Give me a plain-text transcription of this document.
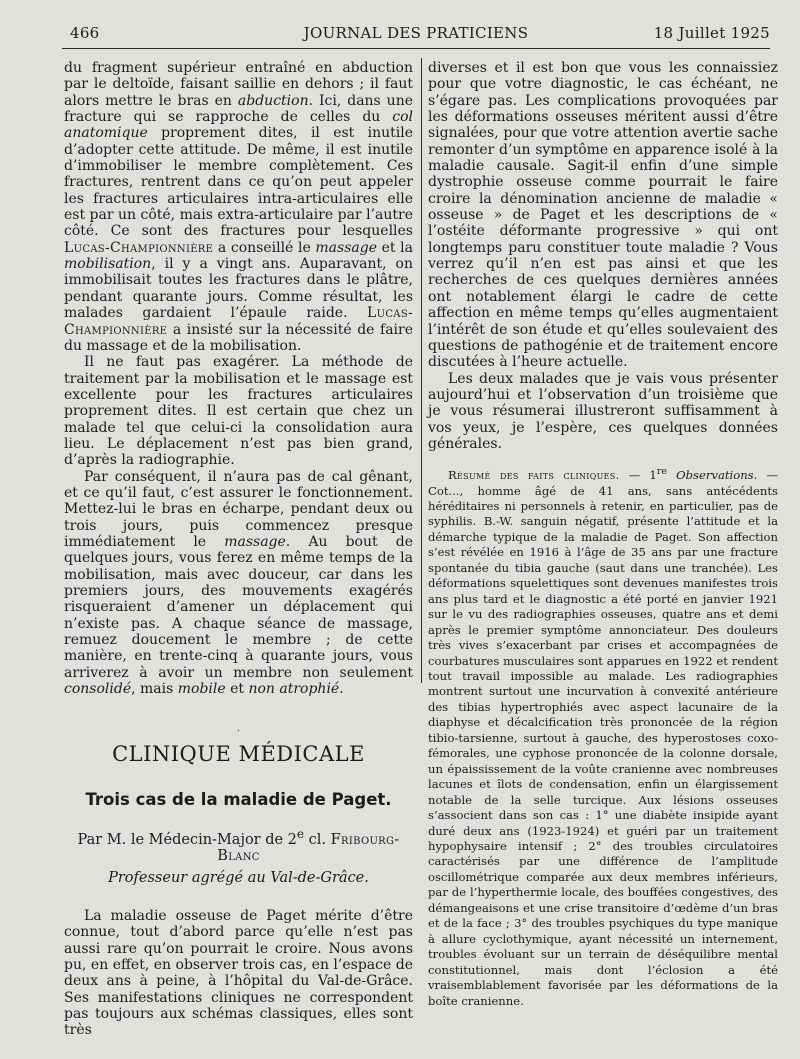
466	JOURNAL DES PRATICIENS	18 Juillet 1925

du fragment supérieur entraîné en abduction par le deltoïde, faisant saillie en dehors ; il faut alors mettre le bras en abduction. Ici, dans une fracture qui se rapproche de celles du col anatomique proprement dites, il est inutile d’adopter cette attitude. De même, il est inutile d’immobiliser le membre complètement. Ces fractures, rentrent dans ce qu’on peut appeler les fractures articulaires intra-articulaires elle est par un côté, mais extra-articulaire par l’autre côté. Ce sont des fractures pour lesquelles Lucas-Championnière a conseillé le massage et la mobilisation, il y a vingt ans. Auparavant, on immobilisait toutes les fractures dans le plâtre, pendant quarante jours. Comme résultat, les malades gardaient l’épaule raide. Lucas-Championnière a insisté sur la nécessité de faire du massage et de la mobilisation.

Il ne faut pas exagérer. La méthode de traitement par la mobilisation et le massage est excellente pour les fractures articulaires proprement dites. Il est certain que chez un malade tel que celui-ci la consolidation aura lieu. Le déplacement n’est pas bien grand, d’après la radiographie.

Par conséquent, il n’aura pas de cal gênant, et ce qu’il faut, c’est assurer le fonctionnement. Mettez-lui le bras en écharpe, pendant deux ou trois jours, puis commencez presque immédiatement le massage. Au bout de quelques jours, vous ferez en même temps de la mobilisation, mais avec douceur, car dans les premiers jours, des mouvements exagérés risqueraient d’amener un déplacement qui n’existe pas. A chaque séance de massage, remuez doucement le membre ; de cette manière, en trente-cinq à quarante jours, vous arriverez à avoir un membre non seulement consolidé, mais mobile et non atrophié.

·
CLINIQUE MÉDICALE
Trois cas de la maladie de Paget.
Par M. le Médecin-Major de 2e cl. Fribourg-Blanc
Professeur agrégé au Val-de-Grâce.

La maladie osseuse de Paget mérite d’être connue, tout d’abord parce qu’elle n’est pas aussi rare qu’on pourrait le croire. Nous avons pu, en effet, en observer trois cas, en l’espace de deux ans à peine, à l’hôpital du Val-de-Grâce. Ses manifestations cliniques ne correspondent pas toujours aux schémas classiques, elles sont très

diverses et il est bon que vous les connaissiez pour que votre diagnostic, le cas échéant, ne s’égare pas. Les complications provoquées par les déformations osseuses méritent aussi d’être signalées, pour que votre attention avertie sache remonter d’un symptôme en apparence isolé à la maladie causale. Sagit-il enfin d’une simple dystrophie osseuse comme pourrait le faire croire la dénomination ancienne de maladie « osseuse » de Paget et les descriptions de « l’ostéite déformante progressive » qui ont longtemps paru constituer toute maladie ? Vous verrez qu’il n’en est pas ainsi et que les recherches de ces quelques dernières années ont notablement élargi le cadre de cette affection en même temps qu’elles augmentaient l’intérêt de son étude et qu’elles soulevaient des questions de pathogénie et de traitement encore discutées à l’heure actuelle.

Les deux malades que je vais vous présenter aujourd’hui et l’observation d’un troisième que je vous résumerai illustreront suffisamment à vos yeux, je l’espère, ces quelques données générales.

Résumé des faits cliniques. — 1re Observations. — Cot..., homme âgé de 41 ans, sans antécédents héréditaires ni personnels à retenir, en particulier, pas de syphilis. B.-W. sanguin négatif, présente l’attitude et la démarche typique de la maladie de Paget. Son affection s’est révélée en 1916 à l’âge de 35 ans par une fracture spontanée du tibia gauche (saut dans une tranchée). Les déformations squelettiques sont devenues manifestes trois ans plus tard et le diagnostic a été porté en janvier 1921 sur le vu des radiographies osseuses, quatre ans et demi après le premier symptôme annonciateur. Des douleurs très vives s’exacerbant par crises et accompagnées de courbatures musculaires sont apparues en 1922 et rendent tout travail impossible au malade. Les radiographies montrent surtout une incurvation à convexité antérieure des tibias hypertrophiés avec aspect lacunaire de la diaphyse et décalcification très prononcée de la région tibio-tarsienne, surtout à gauche, des hyperostoses coxo-fémorales, une cyphose prononcée de la colonne dorsale, un épaississement de la voûte cranienne avec nombreuses lacunes et îlots de condensation, enfin un élargissement notable de la selle turcique. Aux lésions osseuses s’associent dans son cas : 1° une diabète insipide ayant duré deux ans (1923-1924) et guéri par un traitement hypophysaire intensif ; 2° des troubles circulatoires caractérisés par une différence de l’amplitude oscillométrique comparée aux deux membres inférieurs, par de l’hyperthermie locale, des bouffées congestives, des démangeaisons et une crise transitoire d’œdème d’un bras et de la face ; 3° des troubles psychiques du type manique à allure cyclothymique, ayant nécessité un internement, troubles évoluant sur un terrain de déséquilibre mental constitutionnel, mais dont l’éclosion a été vraisemblablement favorisée par les déformations de la boîte cranienne.
